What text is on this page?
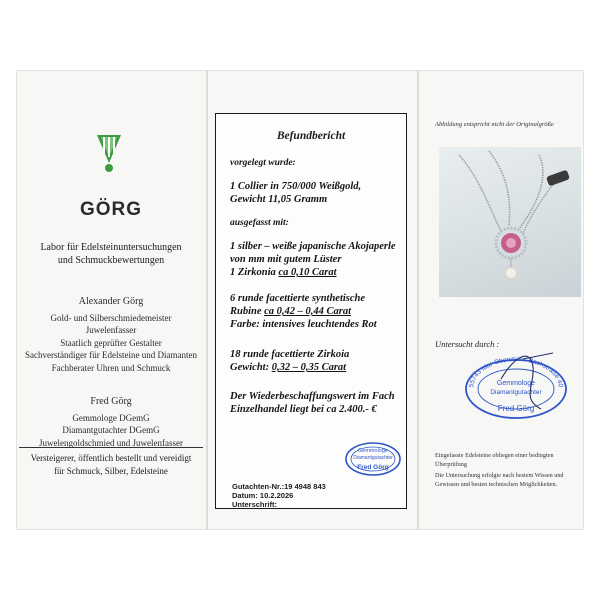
GÖRG
Labor für Edelsteinuntersuchungen
und Schmuckbewertungen
Alexander Görg
Gold- und Silberschmiedemeister
Juwelenfasser
Staatlich geprüfter Gestalter
Sachverständiger für Edelsteine und Diamanten
Fachberater Uhren und Schmuck
Fred Görg
Gemmologe DGemG
Diamantgutachter DGemG
Juwelengoldschmied und Juwelenfasser
Versteigerer, öffentlich bestellt und vereidigt
für Schmuck, Silber, Edelsteine
Befundbericht
vorgelegt wurde:
1 Collier in 750/000 Weißgold,
Gewicht 11,05 Gramm
ausgefasst mit:
1 silber – weiße japanische Akojaperle
von mm mit gutem Lüster
1 Zirkonia ca 0,10 Carat
6 runde facettierte synthetische
Rubine ca 0,42 – 0,44 Carat
Farbe: intensives leuchtendes Rot
18 runde facettierte Zirkoia
Gewicht: 0,32 – 0,35 Carat
Der Wiederbeschaffungswert im Fach
Einzelhandel liegt bei ca 2.400.- €
Gutachten-Nr.:19 4948 843
Datum: 10.2.2026
Unterschrift:
Gemmologe
Diamantgutachter
Fred Görg
Abbildung entspricht nicht der Originalgröße
Untersucht durch :
55743 Idar-Oberstein · Bachstraße 40
Gemmologe
Diamantgutachter
Fred Görg

Eingefasste Edelsteine obliegen einer bedingten Überprüfung

Die Untersuchung erfolgte nach bestem Wissen und Gewissen und besten technischen Möglichkeiten.
